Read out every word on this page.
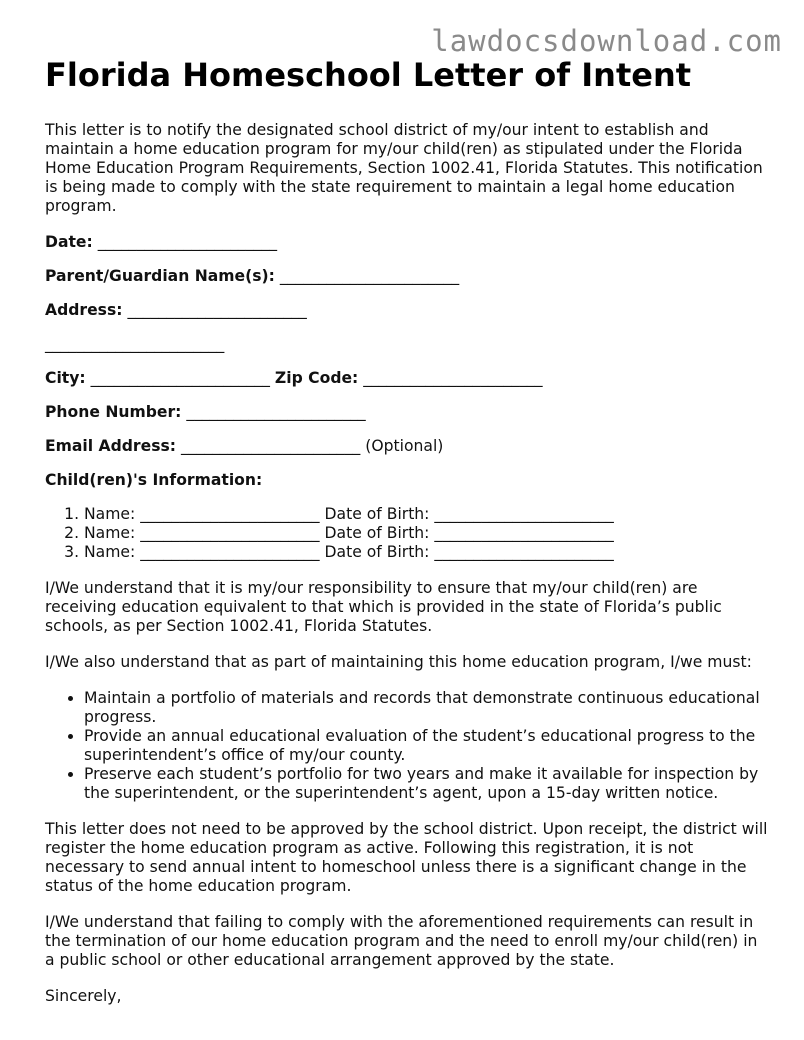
lawdocsdownload.com
Florida Homeschool Letter of Intent

This letter is to notify the designated school district of my/our intent to establish and maintain a home education program for my/our child(ren) as stipulated under the Florida Home Education Program Requirements, Section 1002.41, Florida Statutes. This notification is being made to comply with the state requirement to maintain a legal home education program.

Date: _______________________
Parent/Guardian Name(s): _______________________
Address: _______________________
_______________________
City: _______________________ Zip Code: _______________________
Phone Number: _______________________
Email Address: _______________________ (Optional)
Child(ren)'s Information:
1. Name: _______________________ Date of Birth: _______________________
2. Name: _______________________ Date of Birth: _______________________
3. Name: _______________________ Date of Birth: _______________________

I/We understand that it is my/our responsibility to ensure that my/our child(ren) are receiving education equivalent to that which is provided in the state of Florida’s public schools, as per Section 1002.41, Florida Statutes.

I/We also understand that as part of maintaining this home education program, I/we must:

• Maintain a portfolio of materials and records that demonstrate continuous educational progress.
• Provide an annual educational evaluation of the student’s educational progress to the superintendent’s office of my/our county.
• Preserve each student’s portfolio for two years and make it available for inspection by the superintendent, or the superintendent’s agent, upon a 15-day written notice.

This letter does not need to be approved by the school district. Upon receipt, the district will register the home education program as active. Following this registration, it is not necessary to send annual intent to homeschool unless there is a significant change in the status of the home education program.

I/We understand that failing to comply with the aforementioned requirements can result in the termination of our home education program and the need to enroll my/our child(ren) in a public school or other educational arrangement approved by the state.

Sincerely,
